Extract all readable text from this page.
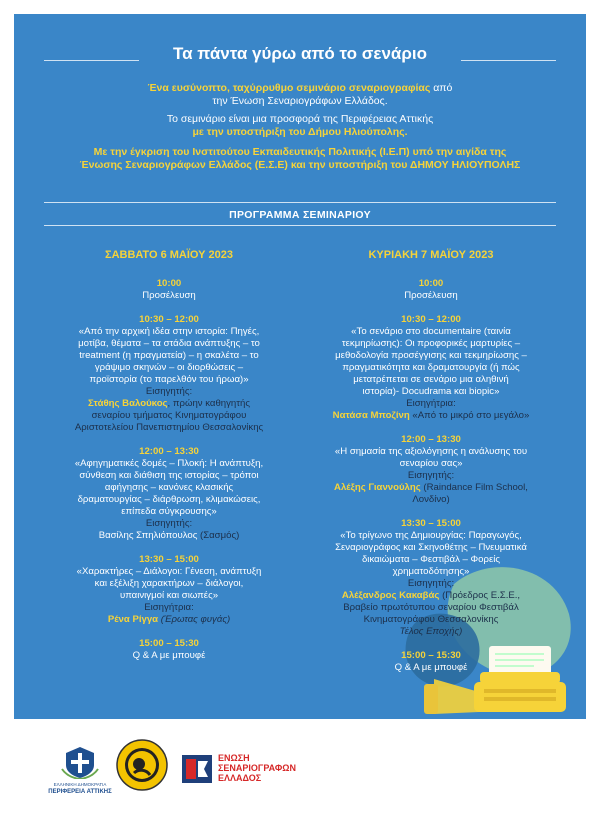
Τα πάντα γύρω από το σενάριο
Ένα ευσύνοπτο, ταχύρρυθμο σεμινάριο σεναριογραφίας από
την Ένωση Σεναριογράφων Ελλάδος.
Το σεμινάριο είναι μια προσφορά της Περιφέρειας Αττικής
με την υποστήριξη του Δήμου Ηλιούπολης.
Με την έγκριση του Ινστιτούτου Εκπαιδευτικής Πολιτικής (Ι.Ε.Π) υπό την αιγίδα της
Ένωσης Σεναριογράφων Ελλάδος (Ε.Σ.Ε) και την υποστήριξη του ΔΗΜΟΥ ΗΛΙΟΥΠΟΛΗΣ
ΠΡΟΓΡΑΜΜΑ ΣΕΜΙΝΑΡΙΟΥ
ΣΑΒΒΑΤΟ 6 ΜΑΪΟΥ 2023
10:00
Προσέλευση
10:30 – 12:00
«Από την αρχική ιδέα στην ιστορία: Πηγές,
μοτίβα, θέματα – τα στάδια ανάπτυξης – το
treatment (η πραγματεία) – η σκαλέτα – το
γράψιμο σκηνών – οι διορθώσεις –
προϊστορία (το παρελθόν του ήρωα)»
Εισηγητής:
Στάθης Βαλούκος, πρώην καθηγητής
σεναρίου τμήματος Κινηματογράφου
Αριστοτελείου Πανεπιστημίου Θεσσαλονίκης
12:00 – 13:30
«Αφηγηματικές δομές – Πλοκή: Η ανάπτυξη,
σύνθεση και διάθιση της ιστορίας – τρόποι
αφήγησης – κανόνες κλασικής
δραματουργίας – διάρθρωση, κλιμακώσεις,
επίπεδα σύγκρουσης»
Εισηγητής:
Βασίλης Σπηλιόπουλος (Σασμός)
13:30 – 15:00
«Χαρακτήρες – Διάλογοι: Γένεση, ανάπτυξη
και εξέλιξη χαρακτήρων – διάλογοι,
υπαινιγμοί και σιωπές»
Εισηγήτρια:
Ρένα Ρίγγα (Έρωτας φυγάς)
15:00 – 15:30
Q & A με μπουφέ
ΚΥΡΙΑΚΗ 7 ΜΑΪΟΥ 2023
10:00
Προσέλευση
10:30 – 12:00
«Το σενάριο στο documentaire (ταινία
τεκμηρίωσης): Οι προφορικές μαρτυρίες –
μεθοδολογία προσέγγισης και τεκμηρίωσης –
πραγματικότητα και δραματουργία (ή πώς
μετατρέπεται σε σενάριο μια αληθινή
ιστορία)- Docudrama και biopic»
Εισηγήτρια:
Νατάσα Μποζίνη «Από το μικρό στο μεγάλο»
12:00 – 13:30
«Η σημασία της αξιολόγησης η ανάλυσης του
σεναρίου σας»
Εισηγητής:
Αλέξης Γιαννούλης (Raindance Film School,
Λονδίνο)
13:30 – 15:00
«Το τρίγωνο της Δημιουργίας: Παραγωγός,
Σεναριογράφος και Σκηνοθέτης – Πνευματικά
δικαιώματα – Φεστιβάλ – Φορείς
χρηματοδότησης»
Εισηγητής:
Αλέξανδρος Κακαβάς (Πρόεδρος Ε.Σ.Ε.,
Βραβείο πρωτότυπου σεναρίου Φεστιβάλ
Κινηματογράφου Θεσσαλονίκης
Τέλος Εποχής)
15:00 – 15:30
Q & A με μπουφέ
ΕΛΛΗΝΙΚΗ ΔΗΜΟΚΡΑΤΙΑ
ΠΕΡΙΦΕΡΕΙΑ ΑΤΤΙΚΗΣ
ΕΝΩΣΗ
ΣΕΝΑΡΙΟΓΡΑΦΩΝ
ΕΛΛΑΔΟΣ
